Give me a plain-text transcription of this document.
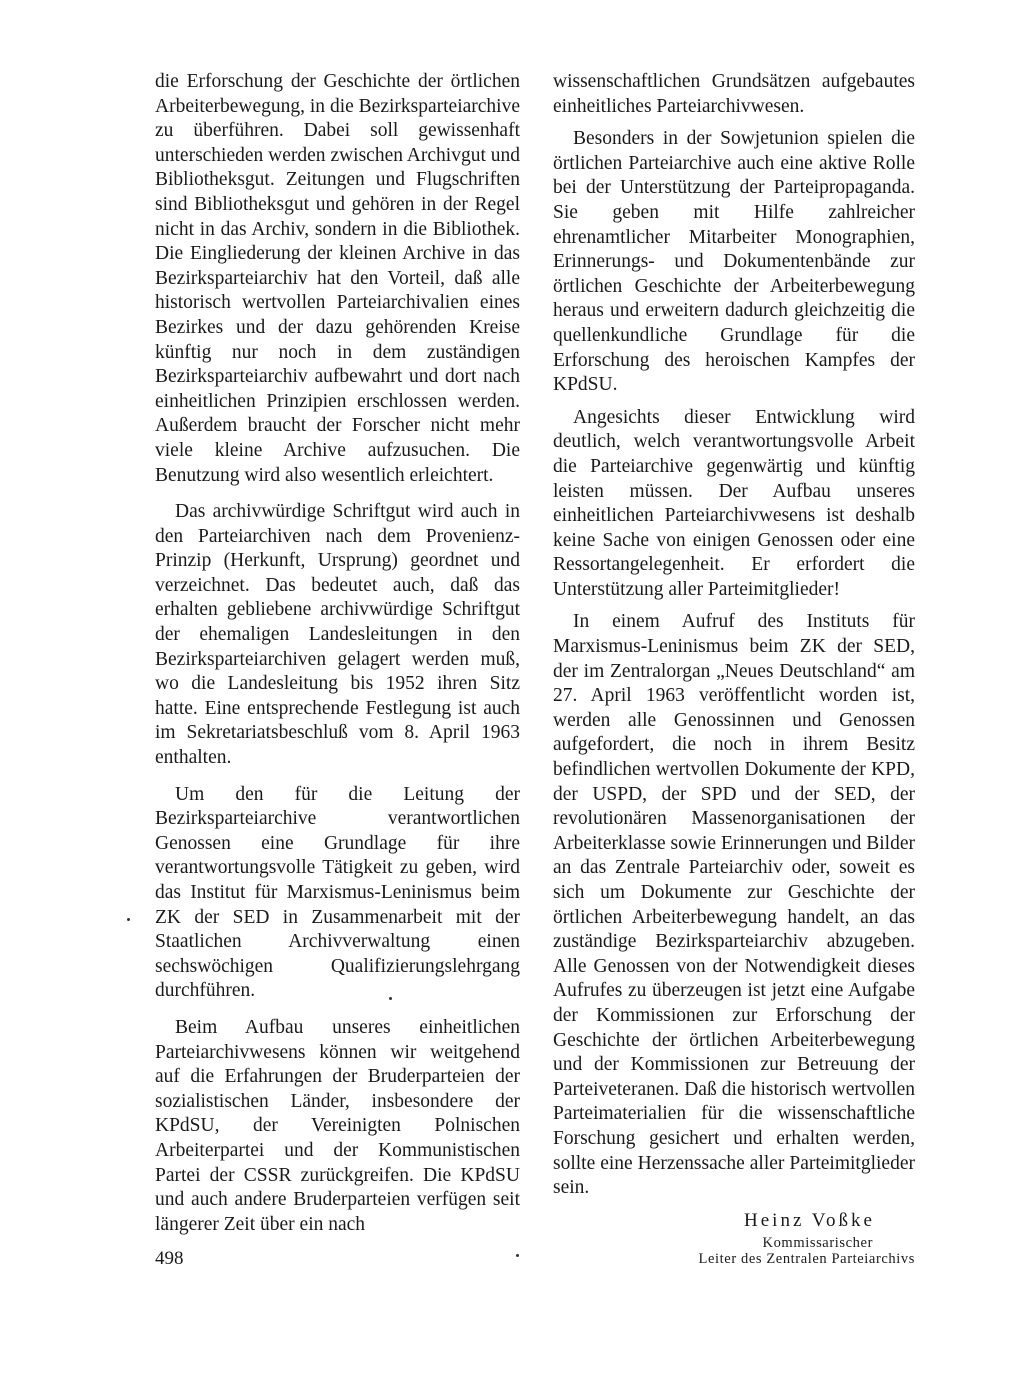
die Erforschung der Geschichte der örtlichen Arbeiterbewegung, in die Bezirksparteiarchive zu überführen. Dabei soll gewissenhaft unterschieden werden zwischen Archivgut und Bibliotheksgut. Zeitungen und Flugschriften sind Bibliotheksgut und gehören in der Regel nicht in das Archiv, sondern in die Bibliothek. Die Eingliederung der kleinen Archive in das Bezirksparteiarchiv hat den Vorteil, daß alle historisch wertvollen Parteiarchivalien eines Bezirkes und der dazu gehörenden Kreise künftig nur noch in dem zuständigen Bezirksparteiarchiv aufbewahrt und dort nach einheitlichen Prinzipien erschlossen werden. Außerdem braucht der Forscher nicht mehr viele kleine Archive aufzusuchen. Die Benutzung wird also wesentlich erleichtert.

Das archivwürdige Schriftgut wird auch in den Parteiarchiven nach dem Provenienz-Prinzip (Herkunft, Ursprung) geordnet und verzeichnet. Das bedeutet auch, daß das erhalten gebliebene archivwürdige Schriftgut der ehemaligen Landesleitungen in den Bezirksparteiarchiven gelagert werden muß, wo die Landesleitung bis 1952 ihren Sitz hatte. Eine entsprechende Festlegung ist auch im Sekretariatsbeschluß vom 8. April 1963 enthalten.

Um den für die Leitung der Bezirksparteiarchive verantwortlichen Genossen eine Grundlage für ihre verantwortungsvolle Tätigkeit zu geben, wird das Institut für Marxismus-Leninismus beim ZK der SED in Zusammenarbeit mit der Staatlichen Archivverwaltung einen sechswöchigen Qualifizierungslehrgang durchführen.

Beim Aufbau unseres einheitlichen Parteiarchivwesens können wir weitgehend auf die Erfahrungen der Bruderparteien der sozialistischen Länder, insbesondere der KPdSU, der Vereinigten Polnischen Arbeiterpartei und der Kommunistischen Partei der CSSR zurückgreifen. Die KPdSU und auch andere Bruderparteien verfügen seit längerer Zeit über ein nach

wissenschaftlichen Grundsätzen aufgebautes einheitliches Parteiarchivwesen.

Besonders in der Sowjetunion spielen die örtlichen Parteiarchive auch eine aktive Rolle bei der Unterstützung der Parteipropaganda. Sie geben mit Hilfe zahlreicher ehrenamtlicher Mitarbeiter Monographien, Erinnerungs- und Dokumentenbände zur örtlichen Geschichte der Arbeiterbewegung heraus und erweitern dadurch gleichzeitig die quellenkundliche Grundlage für die Erforschung des heroischen Kampfes der KPdSU.

Angesichts dieser Entwicklung wird deutlich, welch verantwortungsvolle Arbeit die Parteiarchive gegenwärtig und künftig leisten müssen. Der Aufbau unseres einheitlichen Parteiarchivwesens ist deshalb keine Sache von einigen Genossen oder eine Ressortangelegenheit. Er erfordert die Unterstützung aller Parteimitglieder!

In einem Aufruf des Instituts für Marxismus-Leninismus beim ZK der SED, der im Zentralorgan „Neues Deutschland“ am 27. April 1963 veröffentlicht worden ist, werden alle Genossinnen und Genossen aufgefordert, die noch in ihrem Besitz befindlichen wertvollen Dokumente der KPD, der USPD, der SPD und der SED, der revolutionären Massenorganisationen der Arbeiterklasse sowie Erinnerungen und Bilder an das Zentrale Parteiarchiv oder, soweit es sich um Dokumente zur Geschichte der örtlichen Arbeiterbewegung handelt, an das zuständige Bezirksparteiarchiv abzugeben. Alle Genossen von der Notwendigkeit dieses Aufrufes zu überzeugen ist jetzt eine Aufgabe der Kommissionen zur Erforschung der Geschichte der örtlichen Arbeiterbewegung und der Kommissionen zur Betreuung der Parteiveteranen. Daß die historisch wertvollen Parteimaterialien für die wissenschaftliche Forschung gesichert und erhalten werden, sollte eine Herzenssache aller Parteimitglieder sein.

Heinz Voßke
Kommissarischer
Leiter des Zentralen Parteiarchivs
498
